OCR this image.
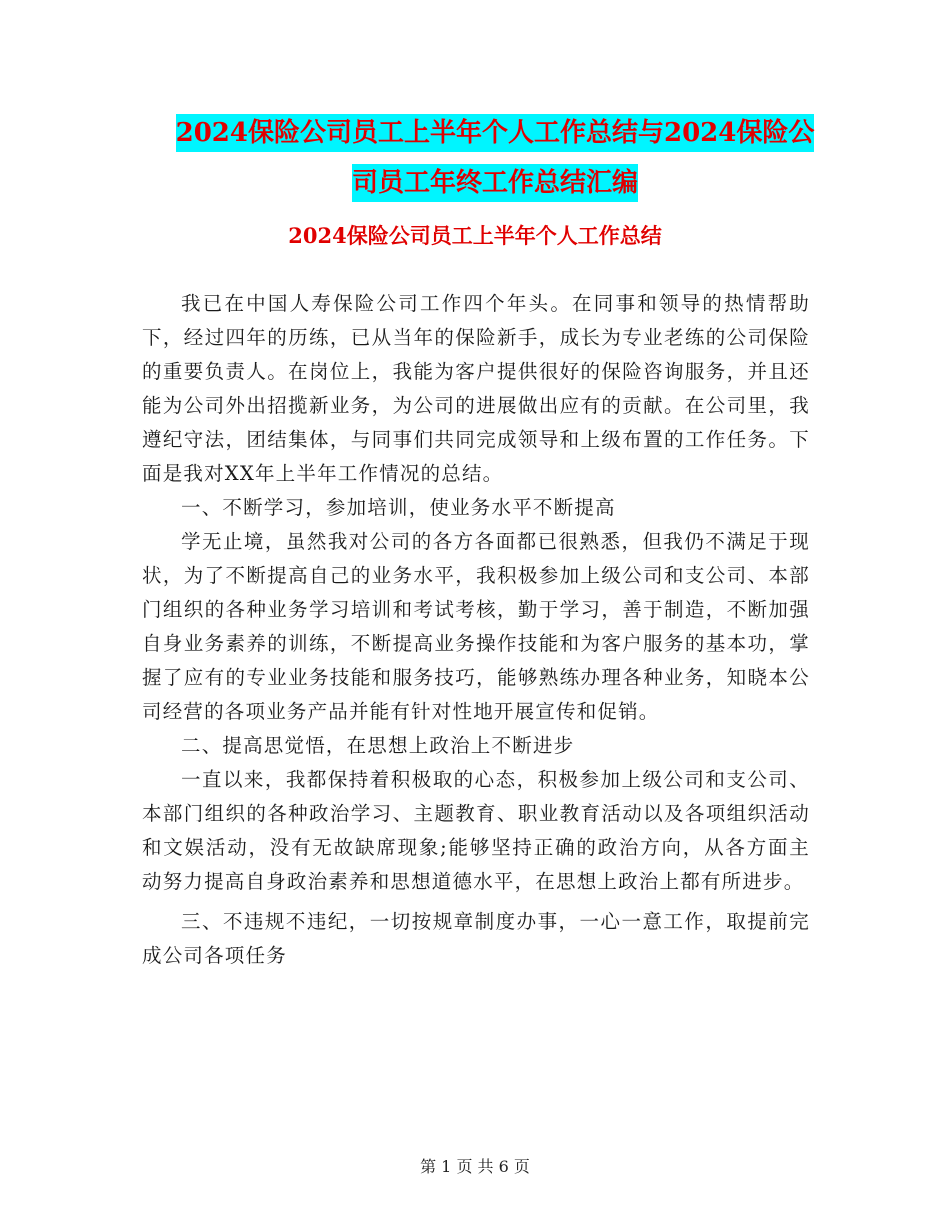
2024保险公司员工上半年个人工作总结与2024保险公
司员工年终工作总结汇编
2024保险公司员工上半年个人工作总结

我已在中国人寿保险公司工作四个年头。在同事和领导的热情帮助下，经过四年的历练，已从当年的保险新手，成长为专业老练的公司保险的重要负责人。在岗位上，我能为客户提供很好的保险咨询服务，并且还能为公司外出招揽新业务，为公司的进展做出应有的贡献。在公司里，我遵纪守法，团结集体，与同事们共同完成领导和上级布置的工作任务。下面是我对XX年上半年工作情况的总结。

一、不断学习，参加培训，使业务水平不断提高

学无止境，虽然我对公司的各方各面都已很熟悉，但我仍不满足于现状，为了不断提高自己的业务水平，我积极参加上级公司和支公司、本部门组织的各种业务学习培训和考试考核，勤于学习，善于制造，不断加强自身业务素养的训练，不断提高业务操作技能和为客户服务的基本功，掌握了应有的专业业务技能和服务技巧，能够熟练办理各种业务，知晓本公司经营的各项业务产品并能有针对性地开展宣传和促销。

二、提高思觉悟，在思想上政治上不断进步

一直以来，我都保持着积极取的心态，积极参加上级公司和支公司、本部门组织的各种政治学习、主题教育、职业教育活动以及各项组织活动和文娱活动，没有无故缺席现象;能够坚持正确的政治方向，从各方面主动努力提高自身政治素养和思想道德水平，在思想上政治上都有所进步。

三、不违规不违纪，一切按规章制度办事，一心一意工作，取提前完成公司各项任务

第 1 页 共 6 页
